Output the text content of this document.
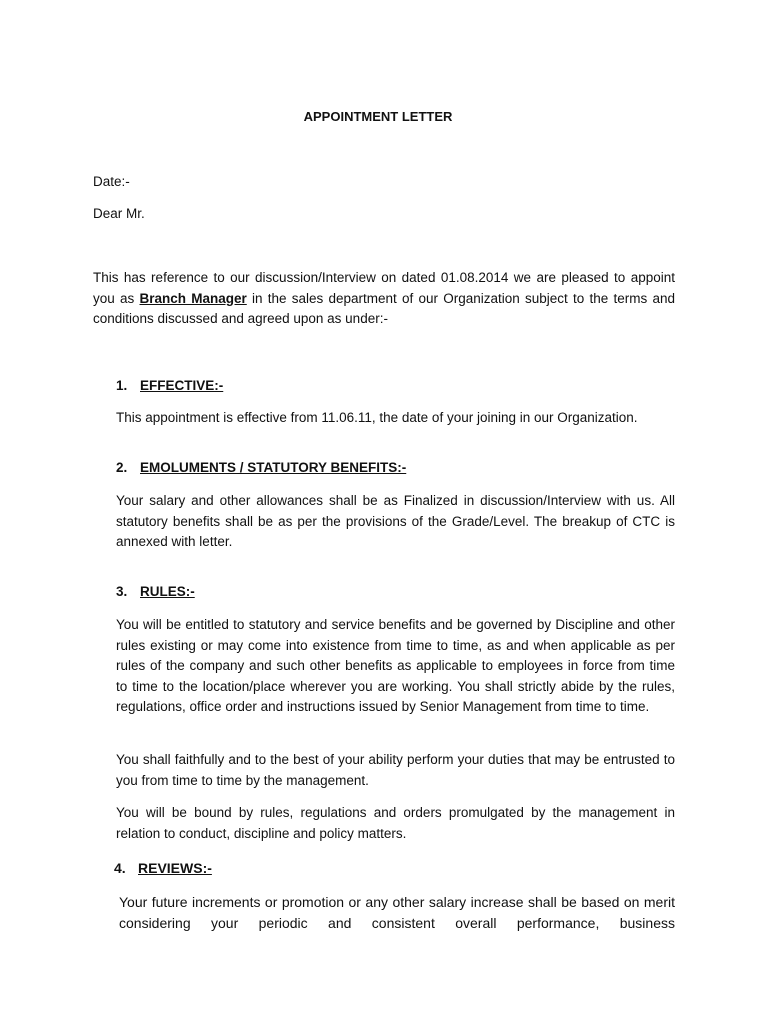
APPOINTMENT LETTER
Date:-
Dear Mr.
This has reference to our discussion/Interview on dated 01.08.2014 we are pleased to appoint you as Branch Manager in the sales department of our Organization subject to the terms and conditions discussed and agreed upon as under:-
1. EFFECTIVE:-
This appointment is effective from 11.06.11, the date of your joining in our Organization.
2. EMOLUMENTS / STATUTORY BENEFITS:-
Your salary and other allowances shall be as Finalized in discussion/Interview with us. All statutory benefits shall be as per the provisions of the Grade/Level. The breakup of CTC is annexed with letter.
3. RULES:-
You will be entitled to statutory and service benefits and be governed by Discipline and other rules existing or may come into existence from time to time, as and when applicable as per rules of the company and such other benefits as applicable to employees in force from time to time to the location/place wherever you are working. You shall strictly abide by the rules, regulations, office order and instructions issued by Senior Management from time to time.
You shall faithfully and to the best of your ability perform your duties that may be entrusted to you from time to time by the management.
You will be bound by rules, regulations and orders promulgated by the management in relation to conduct, discipline and policy matters.
4. REVIEWS:-
Your future increments or promotion or any other salary increase shall be based on merit considering your periodic and consistent overall performance, business
